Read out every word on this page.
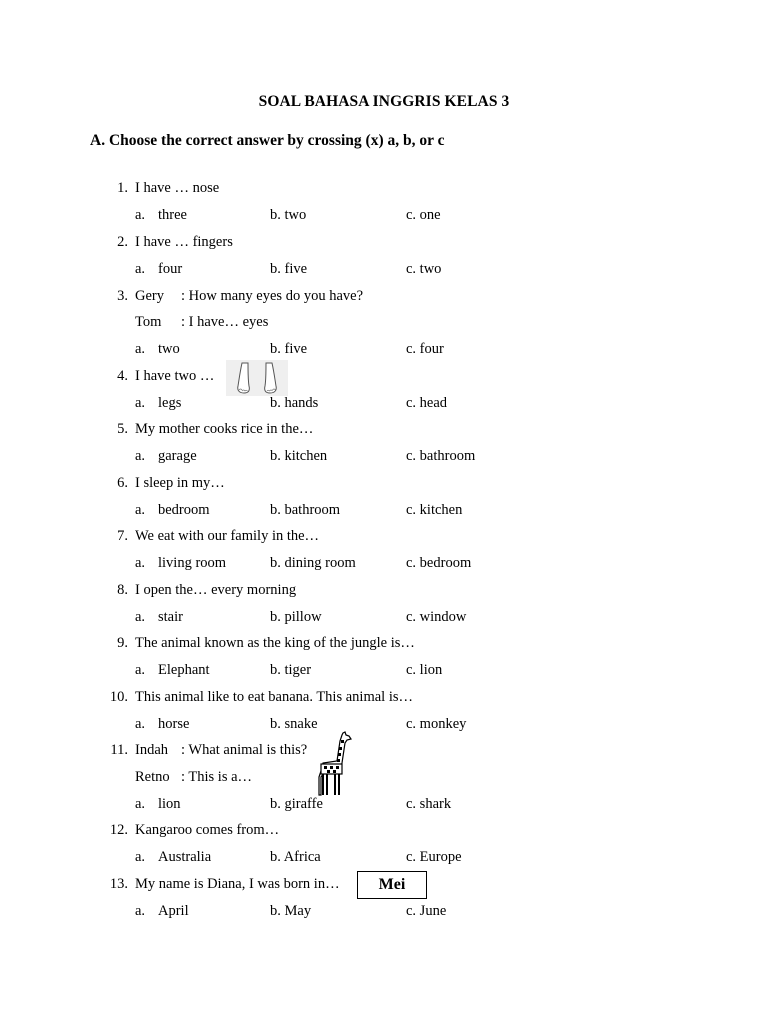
SOAL BAHASA INGGRIS KELAS 3
A. Choose the correct answer by crossing (x) a, b, or c
1. I have … nose
a. three	b. two	c. one
2. I have … fingers
a. four	b. five	c. two
3. Gery : How many eyes do you have?
Tom : I have… eyes
a. two	b. five	c. four
4. I have two …
a. legs	b. hands	c. head
5. My mother cooks rice in the…
a. garage	b. kitchen	c. bathroom
6. I sleep in my…
a. bedroom	b. bathroom	c. kitchen
7. We eat with our family in the…
a. living room	b. dining room	c. bedroom
8. I open the… every morning
a. stair	b. pillow	c. window
9. The animal known as the king of the jungle is…
a. Elephant	b. tiger	c. lion
10. This animal like to eat banana. This animal is…
a. horse	b. snake	c. monkey
11. Indah : What animal is this?
Retno : This is a…
a. lion	b. giraffe	c. shark
12. Kangaroo comes from…
a. Australia	b. Africa	c. Europe
13. My name is Diana, I was born in…	Mei
a. April	b. May	c. June
